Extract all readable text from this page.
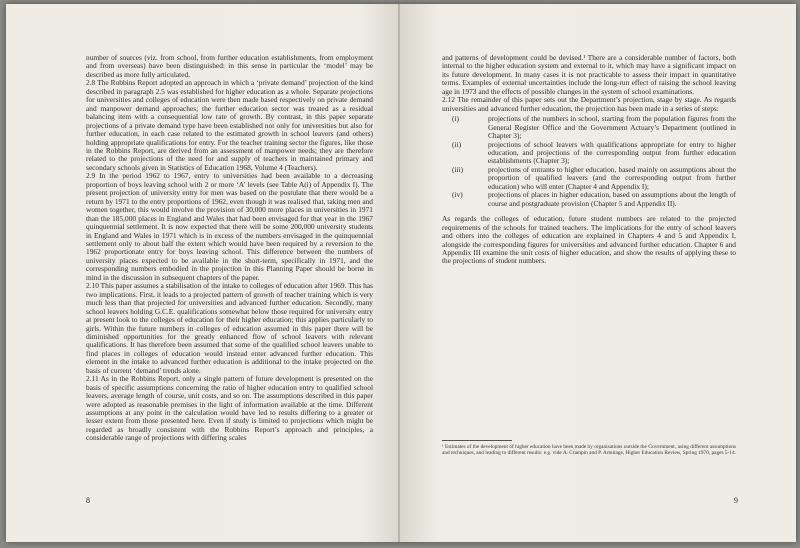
number of sources (viz. from school, from further education establishments, from employment and from overseas) have been distinguished: in this sense in particular the ‘model’ may be described as more fully articulated.

2.8 The Robbins Report adopted an approach in which a ‘private demand’ projection of the kind described in paragraph 2.5 was established for higher education as a whole. Separate projections for universities and colleges of education were then made based respectively on private demand and manpower demand approaches; the further education sector was treated as a residual balancing item with a consequential low rate of growth. By contrast, in this paper separate projections of a private demand type have been established not only for universities but also for further education, in each case related to the estimated growth in school leavers (and others) holding appropriate qualifications for entry. For the teacher training sector the figures, like those in the Robbins Report, are derived from an assessment of manpower needs; they are therefore related to the projections of the need for and supply of teachers in maintained primary and secondary schools given in Statistics of Education 1968, Volume 4 (Teachers).

2.9 In the period 1962 to 1967, entry to universities had been available to a decreasing proportion of boys leaving school with 2 or more ‘A’ levels (see Table A(i) of Appendix I). The present projection of university entry for men was based on the postulate that there would be a return by 1971 to the entry proportions of 1962, even though it was realised that, taking men and women together, this would involve the provision of 30,000 more places in universities in 1971 than the 185,000 places in England and Wales that had been envisaged for that year in the 1967 quinquennial settlement. It is now expected that there will be some 200,000 university students in England and Wales in 1971 which is in excess of the numbers envisaged in the quinquennial settlement only to about half the extent which would have been required by a reversion to the 1962 proportionate entry for boys leaving school. This difference between the numbers of university places expected to be available in the short-term, specifically in 1971, and the corresponding numbers embodied in the projection in this Planning Paper should be borne in mind in the discussion in subsequent chapters of the paper.

2.10 This paper assumes a stabilisation of the intake to colleges of education after 1969. This has two implications. First, it leads to a projected pattern of growth of teacher training which is very much less than that projected for universities and advanced further education. Secondly, many school leavers holding G.C.E. qualifications somewhat below those required for university entry at present look to the colleges of education for their higher education; this applies particularly to girls. Within the future numbers in colleges of education assumed in this paper there will be diminished opportunities for the greatly enhanced flow of school leavers with relevant qualifications. It has therefore been assumed that some of the qualified school leavers unable to find places in colleges of education would instead enter advanced further education. This element in the intake to advanced further education is additional to the intake projected on the basis of current ‘demand’ trends alone.

2.11 As in the Robbins Report, only a single pattern of future development is presented on the basis of specific assumptions concerning the ratio of higher education entry to qualified school leavers, average length of course, unit costs, and so on. The assumptions described in this paper were adopted as reasonable premises in the light of information available at the time. Different assumptions at any point in the calculation would have led to results differing to a greater or lesser extent from those presented here. Even if study is limited to projections which might be regarded as broadly consistent with the Robbins Report’s approach and principles, a considerable range of projections with differing scales

8

and patterns of development could be devised.¹ There are a considerable number of factors, both internal to the higher education system and external to it, which may have a significant impact on its future development. In many cases it is not practicable to assess their impact in quantitative terms. Examples of external uncertainties include the long-run effect of raising the school leaving age in 1973 and the effects of possible changes in the system of school examinations.

2.12 The remainder of this paper sets out the Department’s projection, stage by stage. As regards universities and advanced further education, the projection has been made in a series of steps:

(i)	projections of the numbers in school, starting from the population figures from the General Register Office and the Government Actuary’s Department (outlined in Chapter 3);
(ii)	projections of school leavers with qualifications appropriate for entry to higher education, and projections of the corresponding output from further education establishments (Chapter 3);
(iii)	projections of entrants to higher education, based mainly on assumptions about the proportion of qualified leavers (and the corresponding output from further education) who will enter (Chapter 4 and Appendix I);
(iv)	projections of places in higher education, based on assumptions about the length of course and postgraduate provision (Chapter 5 and Appendix II).

As regards the colleges of education, future student numbers are related to the projected requirements of the schools for trained teachers. The implications for the entry of school leavers and others into the colleges of education are explained in Chapters 4 and 5 and Appendix I, alongside the corresponding figures for universities and advanced further education. Chapter 6 and Appendix III examine the unit costs of higher education, and show the results of applying these to the projections of student numbers.

¹ Estimates of the development of higher education have been made by organisations outside the Government, using different assumptions and techniques, and leading to different results: e.g. vide A. Crampin and P. Armitage, Higher Education Review, Spring 1970, pages 5-14.
9
